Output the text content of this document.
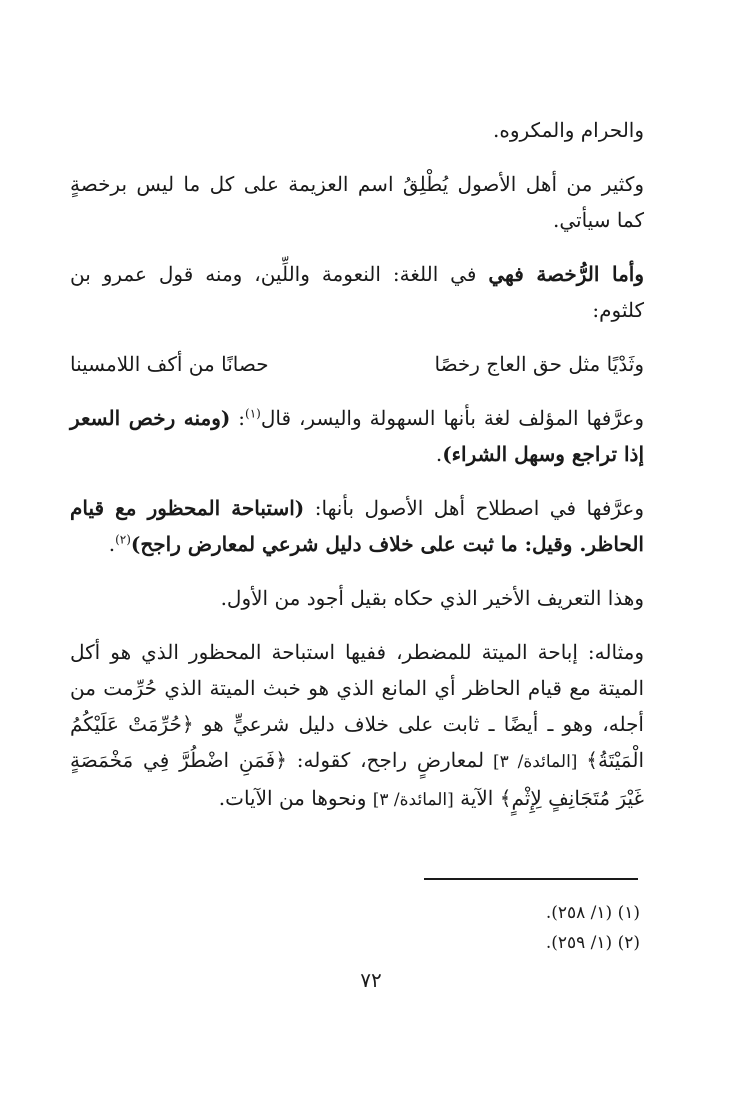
والحرام والمكروه.

وكثير من أهل الأصول يُطْلِقُ اسم العزيمة على كل ما ليس برخصةٍ كما سيأتي.

وأما الرُّخصة فهي في اللغة: النعومة واللِّين، ومنه قول عمرو بن كلثوم:

وثَدْيًا مثل حق العاج رخصًا
حصانًا من أكف اللامسينا

وعرَّفها المؤلف لغة بأنها السهولة واليسر، قال$^{(١)}$: (ومنه رخص السعر إذا تراجع وسهل الشراء).

وعرَّفها في اصطلاح أهل الأصول بأنها: (استباحة المحظور مع قيام الحاظر. وقيل: ما ثبت على خلاف دليل شرعي لمعارض راجح)$^{(٢)}$.

وهذا التعريف الأخير الذي حكاه بقيل أجود من الأول.

ومثاله: إباحة الميتة للمضطر، ففيها استباحة المحظور الذي هو أكل الميتة مع قيام الحاظر أي المانع الذي هو خبث الميتة الذي حُرِّمت من أجله، وهو ـ أيضًا ـ ثابت على خلاف دليل شرعيٍّ هو ﴿حُرِّمَتْ عَلَيْكُمُ الْمَيْتَةُ﴾ [المائدة/ ٣] لمعارضٍ راجح، كقوله: ﴿فَمَنِ اضْطُرَّ فِي مَخْمَصَةٍ غَيْرَ مُتَجَانِفٍ لِإِثْمٍ﴾ الآية [المائدة/ ٣] ونحوها من الآيات.

(١) (١/ ٢٥٨).
(٢) (١/ ٢٥٩).
٧٢
